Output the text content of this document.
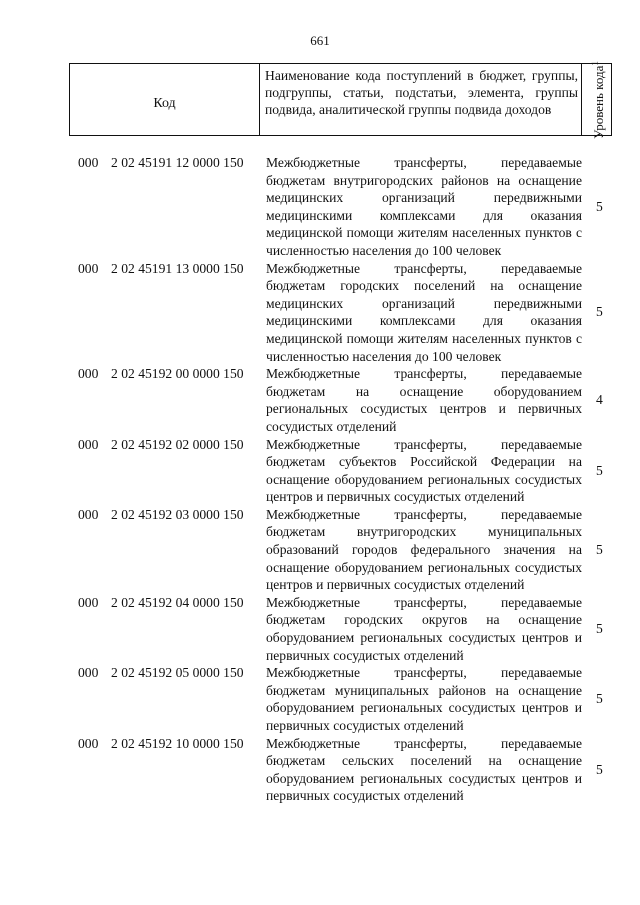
661
Код
Наименование кода поступлений в бюджет, группы, подгруппы, статьи, подстатьи, элемента, группы подвида, аналитической группы подвида доходов	Уровень кода$^1$
000 2 02 45191 12 0000 150 Межбюджетные трансферты, передаваемые бюджетам внутригородских районов на оснащение медицинских организаций передвижными медицинскими комплексами для оказания медицинской помощи жителям населенных пунктов с численностью населения до 100 человек
5
000 2 02 45191 13 0000 150 Межбюджетные трансферты, передаваемые бюджетам городских поселений на оснащение медицинских организаций передвижными медицинскими комплексами для оказания медицинской помощи жителям населенных пунктов с численностью населения до 100 человек
5
000 2 02 45192 00 0000 150 Межбюджетные трансферты, передаваемые бюджетам на оснащение оборудованием региональных сосудистых центров и первичных сосудистых отделений
4
000 2 02 45192 02 0000 150 Межбюджетные трансферты, передаваемые бюджетам субъектов Российской Федерации на оснащение оборудованием региональных сосудистых центров и первичных сосудистых отделений
5
000 2 02 45192 03 0000 150 Межбюджетные трансферты, передаваемые бюджетам внутригородских муниципальных образований городов федерального значения на оснащение оборудованием региональных сосудистых центров и первичных сосудистых отделений
5
000 2 02 45192 04 0000 150 Межбюджетные трансферты, передаваемые бюджетам городских округов на оснащение оборудованием региональных сосудистых центров и первичных сосудистых отделений
5
000 2 02 45192 05 0000 150 Межбюджетные трансферты, передаваемые бюджетам муниципальных районов на оснащение оборудованием региональных сосудистых центров и первичных сосудистых отделений
5
000 2 02 45192 10 0000 150 Межбюджетные трансферты, передаваемые бюджетам сельских поселений на оснащение оборудованием региональных сосудистых центров и первичных сосудистых отделений
5
